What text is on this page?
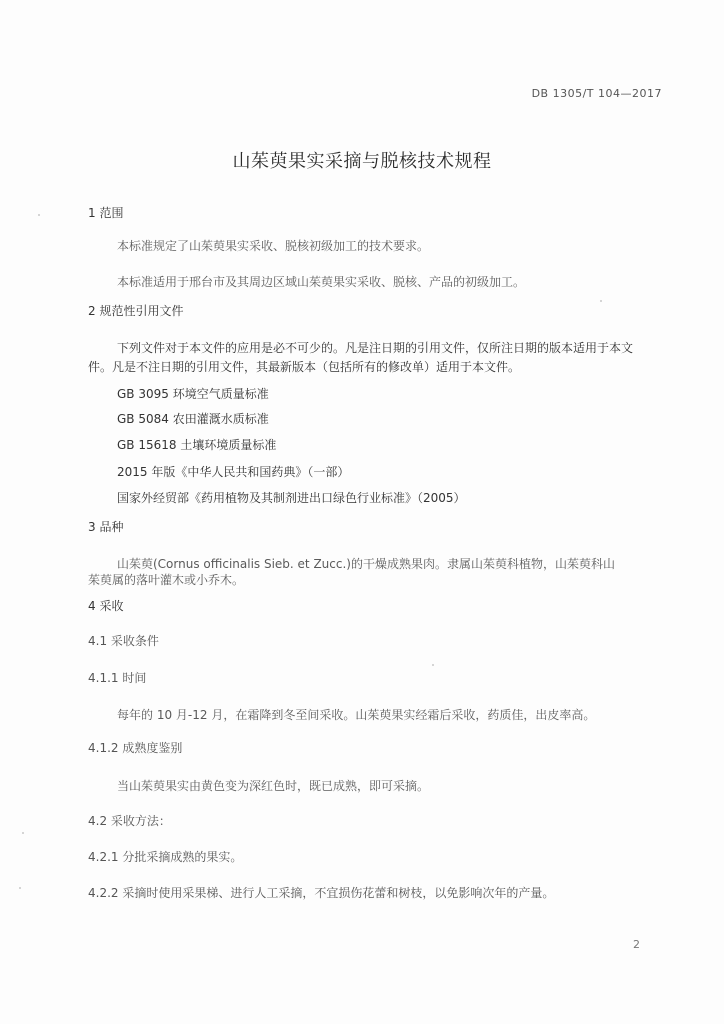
DB 1305/T 104—2017
山茱萸果实采摘与脱核技术规程
1 范围
本标准规定了山茱萸果实采收、脱核初级加工的技术要求。
本标准适用于邢台市及其周边区域山茱萸果实采收、脱核、产品的初级加工。
2 规范性引用文件
下列文件对于本文件的应用是必不可少的。凡是注日期的引用文件，仅所注日期的版本适用于本文
件。凡是不注日期的引用文件，其最新版本（包括所有的修改单）适用于本文件。
GB 3095 环境空气质量标准
GB 5084 农田灌溉水质标准
GB 15618 土壤环境质量标准
2015 年版《中华人民共和国药典》（一部）
国家外经贸部《药用植物及其制剂进出口绿色行业标准》（2005）
3 品种
山茱萸(Cornus officinalis Sieb. et Zucc.)的干燥成熟果肉。隶属山茱萸科植物，山茱萸科山
茱萸属的落叶灌木或小乔木。
4 采收
4.1 采收条件
4.1.1 时间
每年的 10 月-12 月，在霜降到冬至间采收。山茱萸果实经霜后采收，药质佳，出皮率高。
4.1.2 成熟度鉴别
当山茱萸果实由黄色变为深红色时，既已成熟，即可采摘。
4.2 采收方法：
4.2.1 分批采摘成熟的果实。
4.2.2 采摘时使用采果梯、进行人工采摘，不宜损伤花蕾和树枝，以免影响次年的产量。
2
